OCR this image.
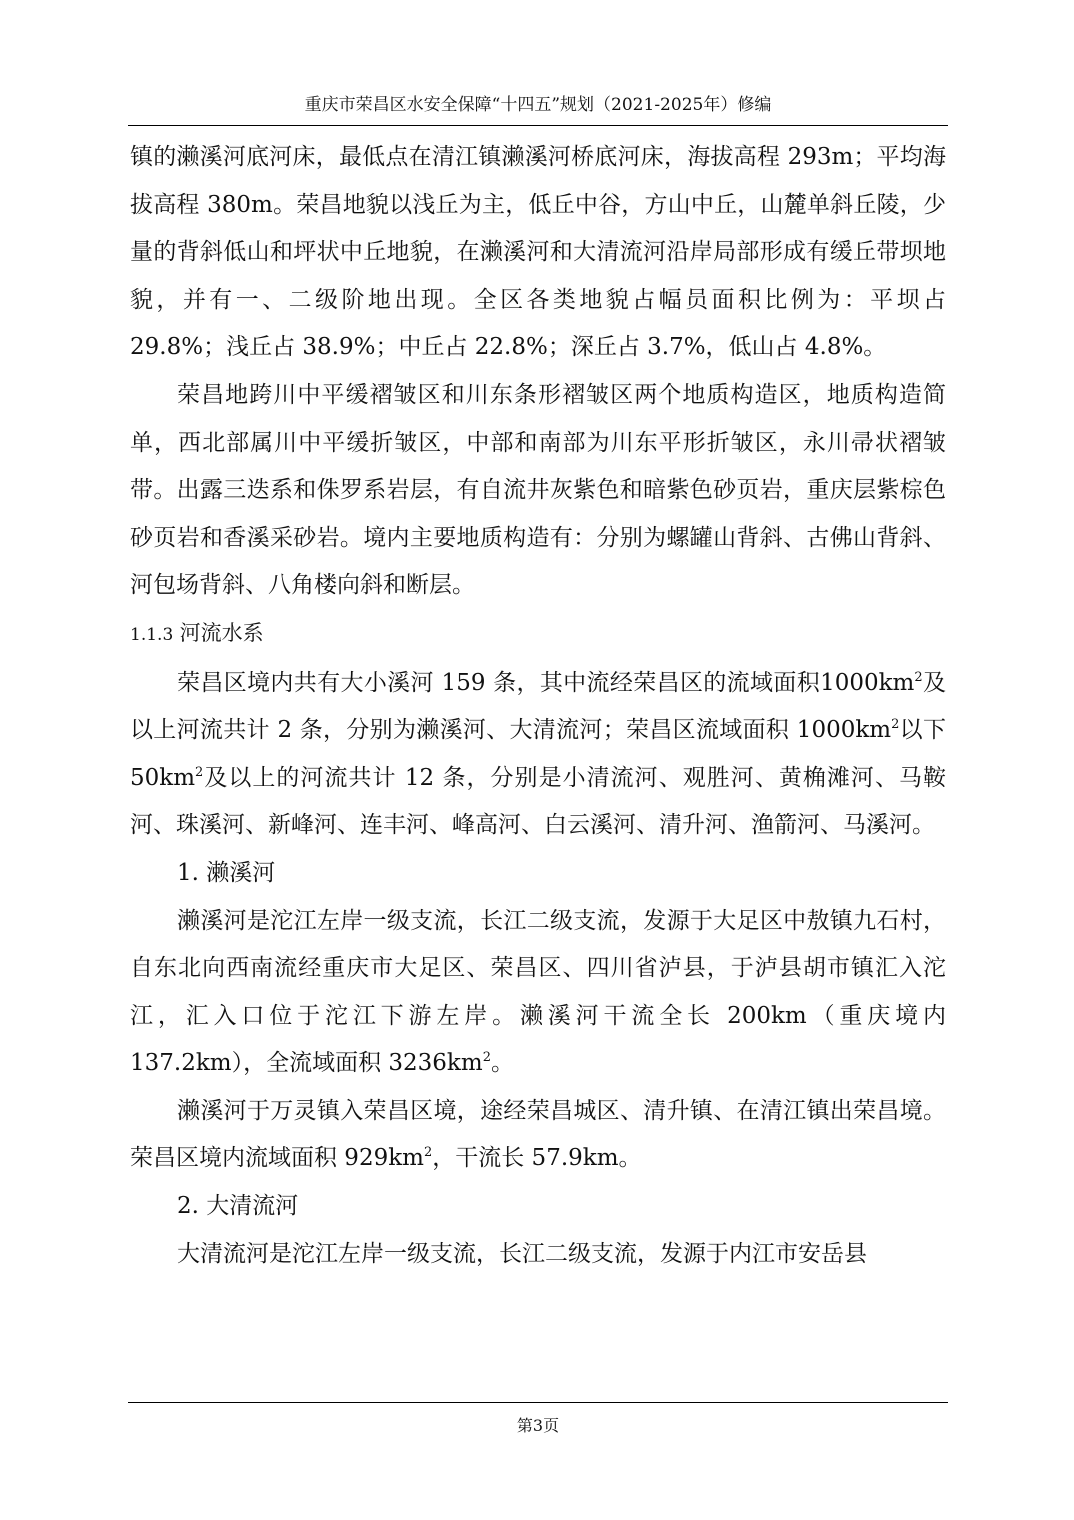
重庆市荣昌区水安全保障“十四五”规划（2021-2025年）修编

镇的濑溪河底河床，最低点在清江镇濑溪河桥底河床，海拔高程 293m；平均海拔高程 380m。荣昌地貌以浅丘为主，低丘中谷，方山中丘，山麓单斜丘陵，少量的背斜低山和坪状中丘地貌，在濑溪河和大清流河沿岸局部形成有缓丘带坝地貌，并有一、二级阶地出现。全区各类地貌占幅员面积比例为：平坝占 29.8%；浅丘占 38.9%；中丘占 22.8%；深丘占 3.7%，低山占 4.8%。

荣昌地跨川中平缓褶皱区和川东条形褶皱区两个地质构造区，地质构造简单，西北部属川中平缓折皱区，中部和南部为川东平形折皱区，永川帚状褶皱带。出露三迭系和侏罗系岩层，有自流井灰紫色和暗紫色砂页岩，重庆层紫棕色砂页岩和香溪采砂岩。境内主要地质构造有：分别为螺罐山背斜、古佛山背斜、河包场背斜、八角楼向斜和断层。

1.1.3 河流水系

荣昌区境内共有大小溪河 159 条，其中流经荣昌区的流域面积$1000km^2$及以上河流共计 2 条，分别为濑溪河、大清流河；荣昌区流域面积 $1000km^2$以下 $50km^2$及以上的河流共计 12 条，分别是小清流河、观胜河、黄桷滩河、马鞍河、珠溪河、新峰河、连丰河、峰高河、白云溪河、清升河、渔箭河、马溪河。

1. 濑溪河

濑溪河是沱江左岸一级支流，长江二级支流，发源于大足区中敖镇九石村，自东北向西南流经重庆市大足区、荣昌区、四川省泸县，于泸县胡市镇汇入沱江，汇入口位于沱江下游左岸。濑溪河干流全长 200km（重庆境内 137.2km），全流域面积 $3236km^2$。

濑溪河于万灵镇入荣昌区境，途经荣昌城区、清升镇、在清江镇出荣昌境。荣昌区境内流域面积 $929km^2$，干流长 57.9km。

2. 大清流河

大清流河是沱江左岸一级支流，长江二级支流，发源于内江市安岳县

第3页
